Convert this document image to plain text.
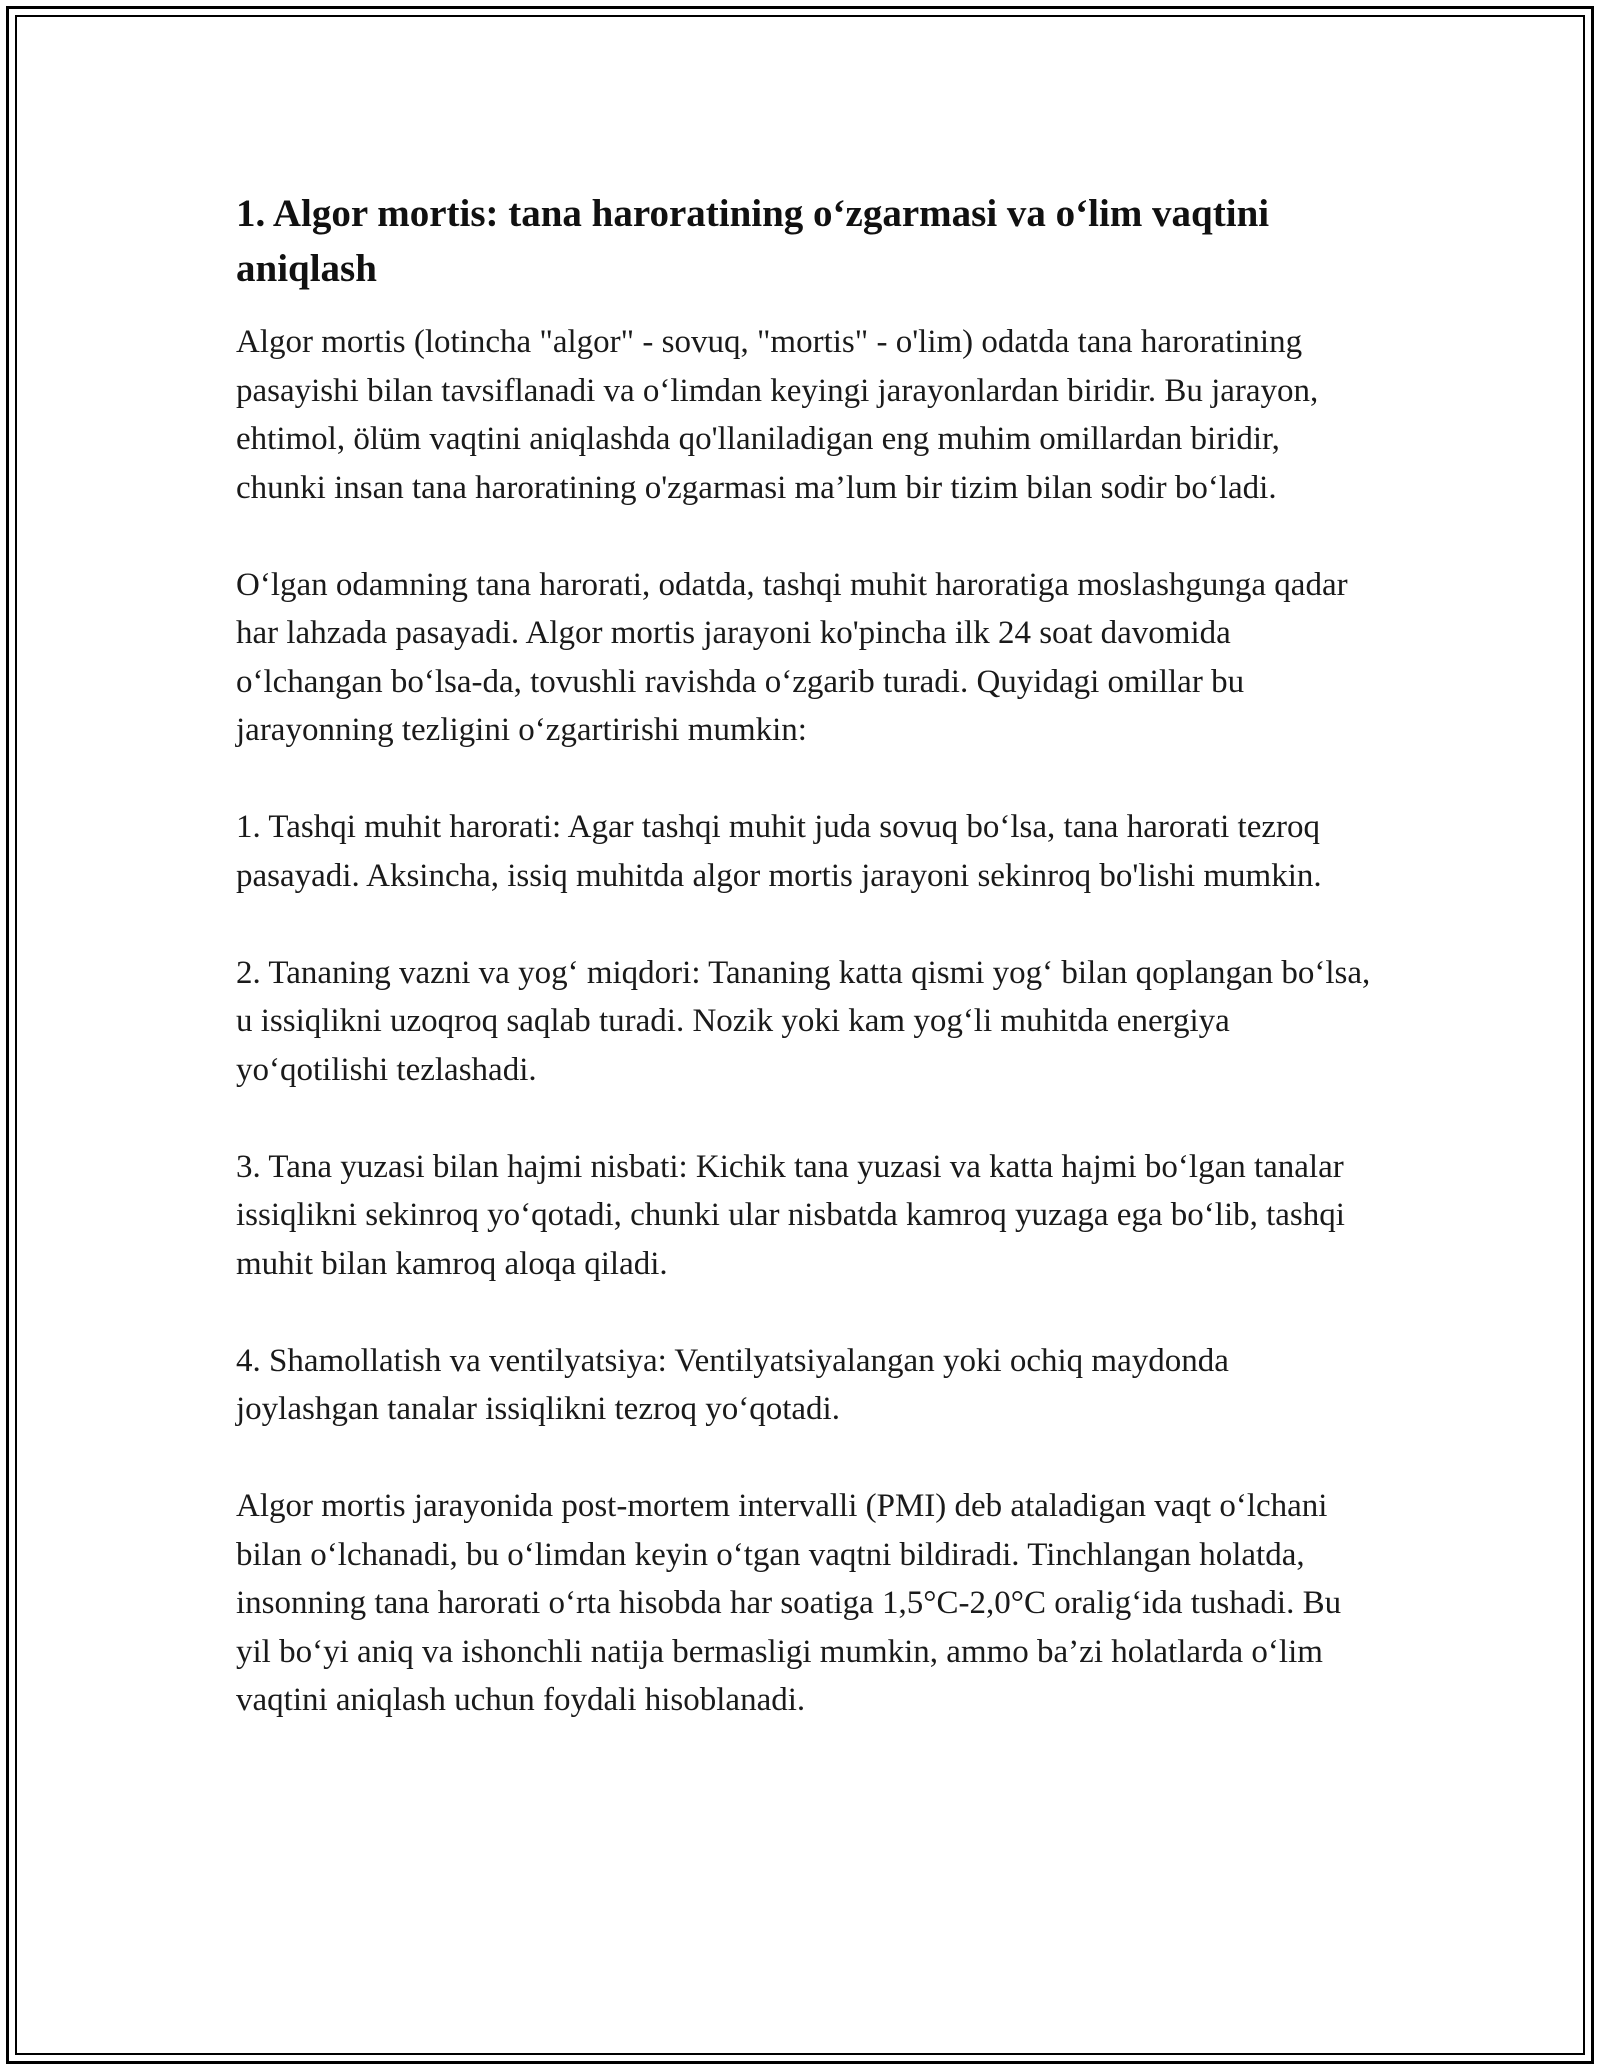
1. Algor mortis: tana haroratining o‘zgarmasi va o‘lim vaqtini aniqlash

Algor mortis (lotincha "algor" - sovuq, "mortis" - o'lim) odatda tana haroratining pasayishi bilan tavsiflanadi va o‘limdan keyingi jarayonlardan biridir. Bu jarayon, ehtimol, ölüm vaqtini aniqlashda qo'llaniladigan eng muhim omillardan biridir, chunki insan tana haroratining o'zgarmasi ma’lum bir tizim bilan sodir bo‘ladi.

O‘lgan odamning tana harorati, odatda, tashqi muhit haroratiga moslashgunga qadar har lahzada pasayadi. Algor mortis jarayoni ko'pincha ilk 24 soat davomida o‘lchangan bo‘lsa-da, tovushli ravishda o‘zgarib turadi. Quyidagi omillar bu jarayonning tezligini o‘zgartirishi mumkin:

1. Tashqi muhit harorati: Agar tashqi muhit juda sovuq bo‘lsa, tana harorati tezroq pasayadi. Aksincha, issiq muhitda algor mortis jarayoni sekinroq bo'lishi mumkin.

2. Tananing vazni va yog‘ miqdori: Tananing katta qismi yog‘ bilan qoplangan bo‘lsa, u issiqlikni uzoqroq saqlab turadi. Nozik yoki kam yog‘li muhitda energiya yo‘qotilishi tezlashadi.

3. Tana yuzasi bilan hajmi nisbati: Kichik tana yuzasi va katta hajmi bo‘lgan tanalar issiqlikni sekinroq yo‘qotadi, chunki ular nisbatda kamroq yuzaga ega bo‘lib, tashqi muhit bilan kamroq aloqa qiladi.

4. Shamollatish va ventilyatsiya: Ventilyatsiyalangan yoki ochiq maydonda joylashgan tanalar issiqlikni tezroq yo‘qotadi.

Algor mortis jarayonida post-mortem intervalli (PMI) deb ataladigan vaqt o‘lchani bilan o‘lchanadi, bu o‘limdan keyin o‘tgan vaqtni bildiradi. Tinchlangan holatda, insonning tana harorati o‘rta hisobda har soatiga 1,5°C-2,0°C oralig‘ida tushadi. Bu yil bo‘yi aniq va ishonchli natija bermasligi mumkin, ammo ba’zi holatlarda o‘lim vaqtini aniqlash uchun foydali hisoblanadi.
